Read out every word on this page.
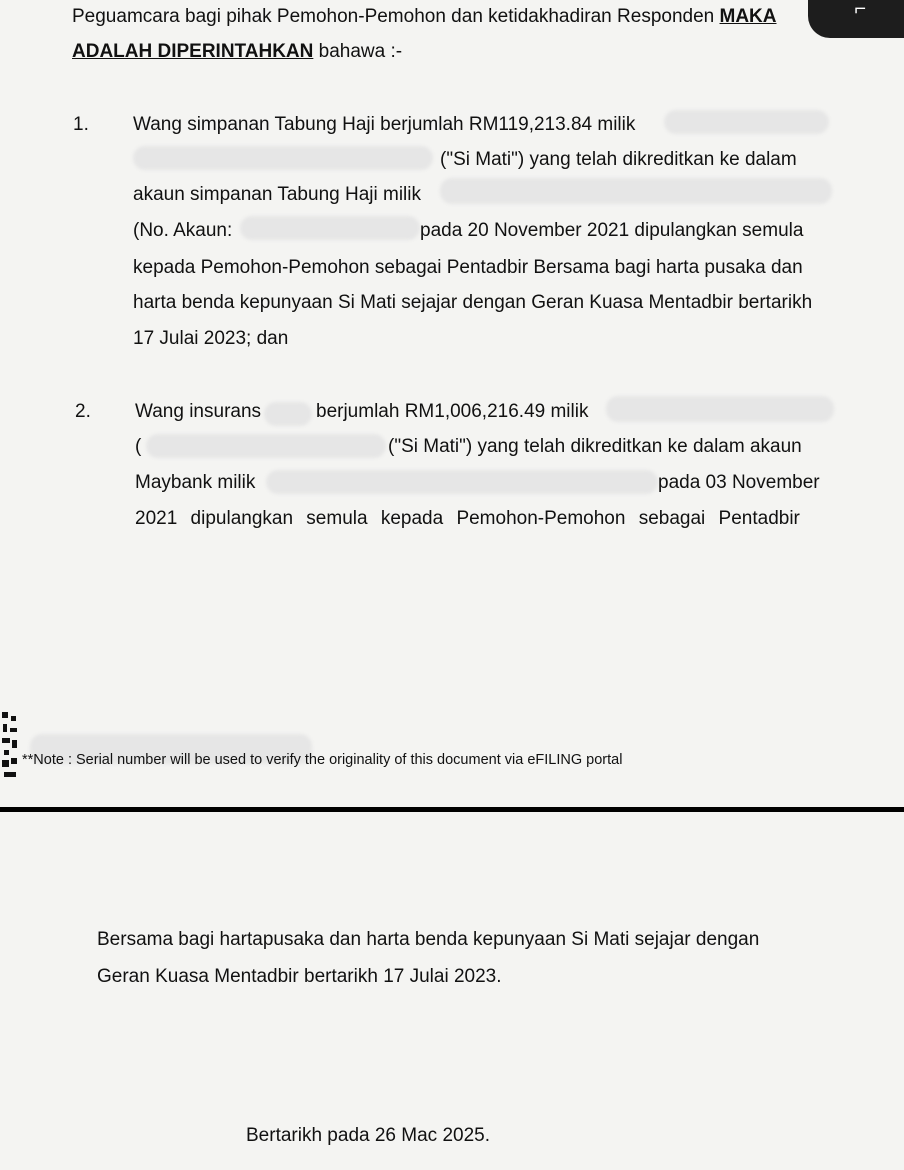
⌐
Peguamcara bagi pihak Pemohon-Pemohon dan ketidakhadiran Responden MAKA
ADALAH DIPERINTAHKAN bahawa :-
1. Wang simpanan Tabung Haji berjumlah RM119,213.84 milik
("Si Mati") yang telah dikreditkan ke dalam
akaun simpanan Tabung Haji milik
(No. Akaun:	pada 20 November 2021 dipulangkan semula
kepada Pemohon-Pemohon sebagai Pentadbir Bersama bagi harta pusaka dan
harta benda kepunyaan Si Mati sejajar dengan Geran Kuasa Mentadbir bertarikh
17 Julai 2023; dan
2. Wang insurans	berjumlah RM1,006,216.49 milik
(	("Si Mati") yang telah dikreditkan ke dalam akaun
Maybank milik	pada 03 November
2021 dipulangkan semula kepada Pemohon-Pemohon sebagai Pentadbir
**Note : Serial number will be used to verify the originality of this document via eFILING portal
Bersama bagi hartapusaka dan harta benda kepunyaan Si Mati sejajar dengan
Geran Kuasa Mentadbir bertarikh 17 Julai 2023.
Bertarikh pada 26 Mac 2025.
